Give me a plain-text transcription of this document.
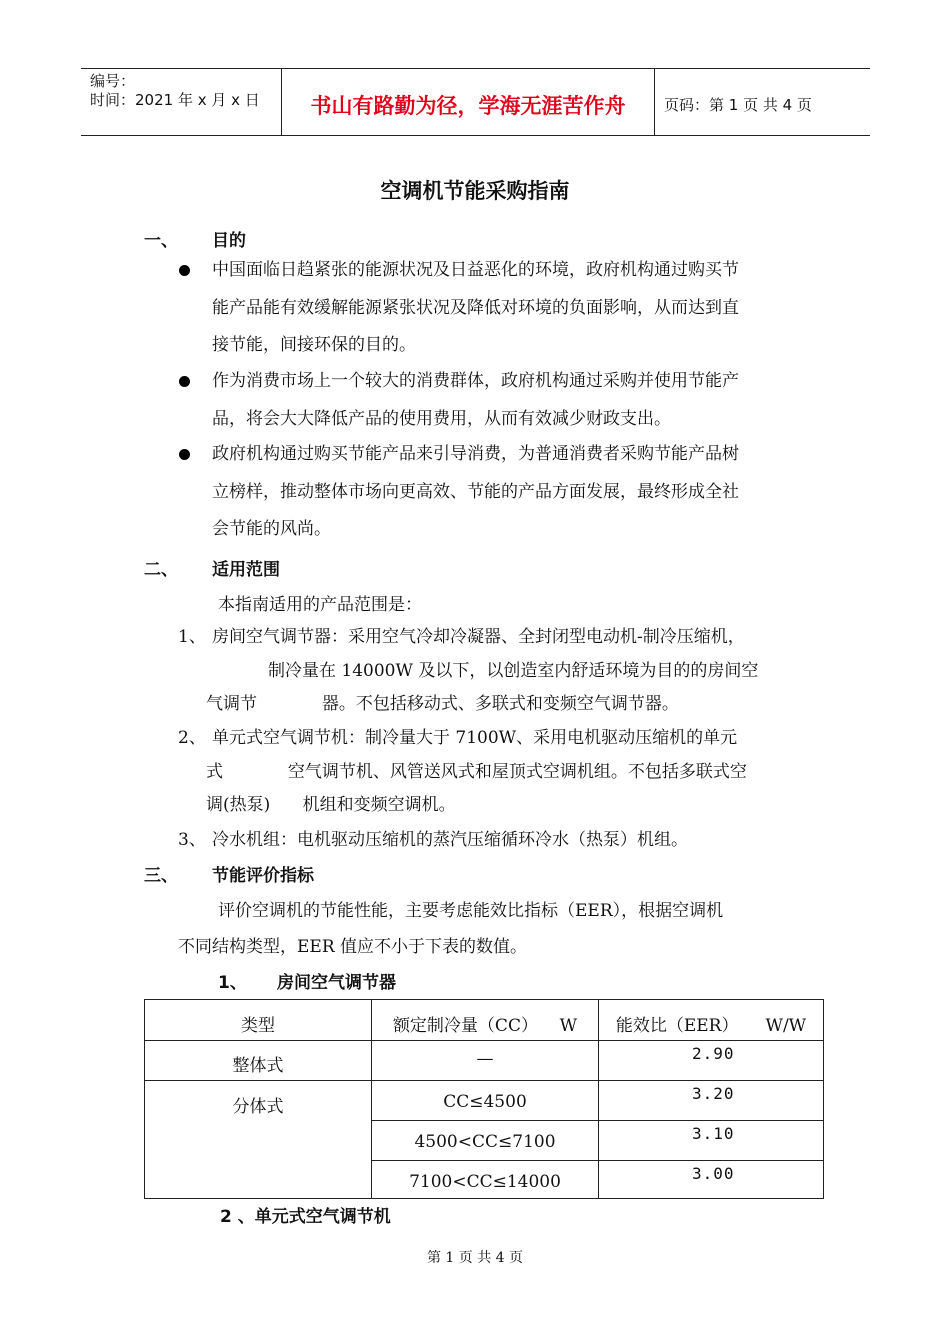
编号：
时间：2021 年 x 月 x 日	书山有路勤为径，学海无涯苦作舟	页码：第 1 页 共 4 页
空调机节能采购指南
一、 目的
中国面临日趋紧张的能源状况及日益恶化的环境，政府机构通过购买节
能产品能有效缓解能源紧张状况及降低对环境的负面影响，从而达到直
接节能，间接环保的目的。
作为消费市场上一个较大的消费群体，政府机构通过采购并使用节能产
品，将会大大降低产品的使用费用，从而有效减少财政支出。
政府机构通过购买节能产品来引导消费，为普通消费者采购节能产品树
立榜样，推动整体市场向更高效、节能的产品方面发展，最终形成全社
会节能的风尚。
二、 适用范围
本指南适用的产品范围是：
1、 房间空气调节器：采用空气冷却冷凝器、全封闭型电动机-制冷压缩机，
制冷量在 14000W 及以下，以创造室内舒适环境为目的的房间空
气调节            器。不包括移动式、多联式和变频空气调节器。
2、 单元式空气调节机：制冷量大于 7100W、采用电机驱动压缩机的单元
式            空气调节机、风管送风式和屋顶式空调机组。不包括多联式空
调(热泵)      机组和变频空调机。
3、 冷水机组：电机驱动压缩机的蒸汽压缩循环冷水（热泵）机组。
三、 节能评价指标
评价空调机的节能性能，主要考虑能效比指标（EER），根据空调机
不同结构类型，EER 值应不小于下表的数值。
1、 房间空气调节器
类型	额定制冷量（CC）    W	能效比（EER）     W/W
整体式	—	2.90
分体式	CC≤4500	3.20
4500<CC≤7100	3.10
7100<CC≤14000	3.00
2 、单元式空气调节机
第 1 页 共 4 页
